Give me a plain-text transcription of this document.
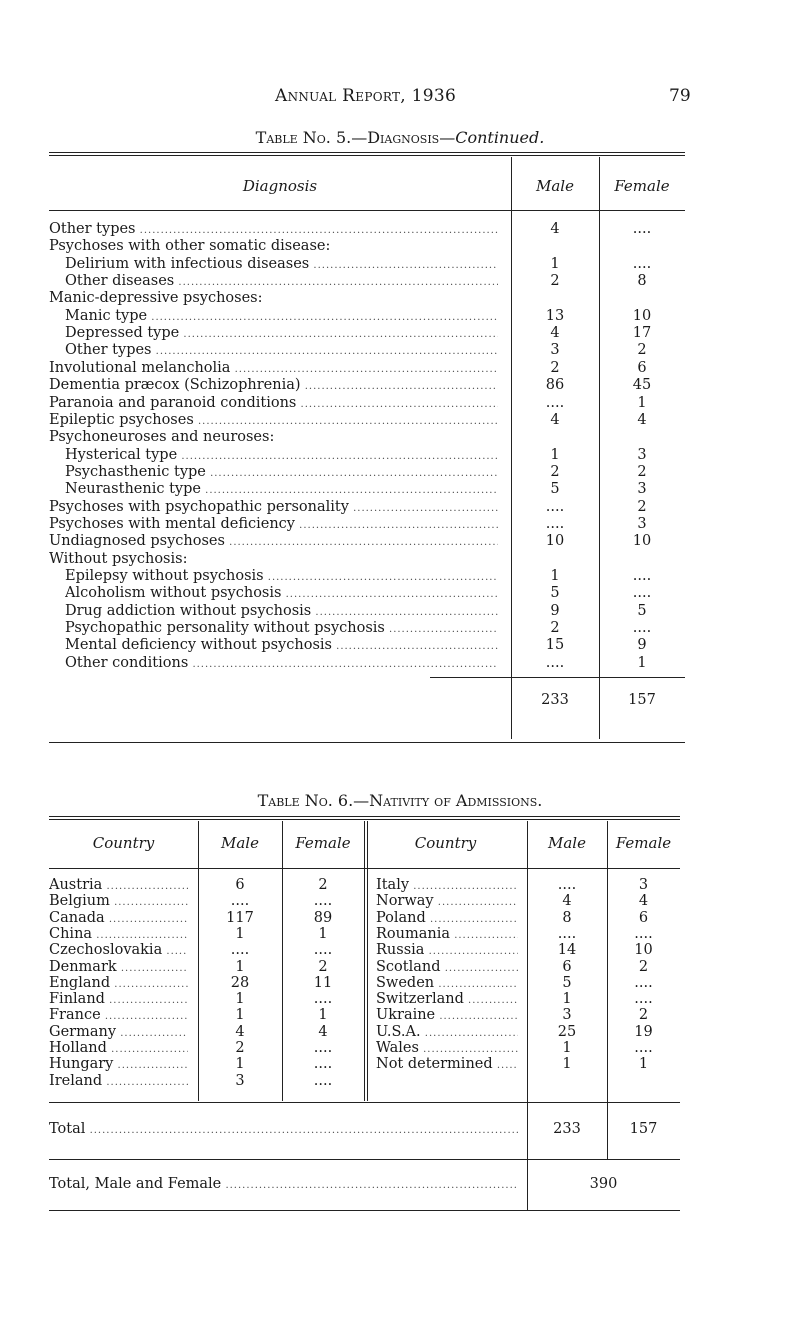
Annual Report, 1936	79
Table No. 5.—Diagnosis—Continued.
Diagnosis	Male	Female
Other types .....	4	....
Psychoses with other somatic disease:
Delirium with infectious diseases .....	1	....
Other diseases .....	2	8
Manic-depressive psychoses:
Manic type .....	13	10
Depressed type .....	4	17
Other types .....	3	2
Involutional melancholia .....	2	6
Dementia præcox (Schizophrenia) .....	86	45
Paranoia and paranoid conditions .....	....	1
Epileptic psychoses .....	4	4
Psychoneuroses and neuroses:
Hysterical type .....	1	3
Psychasthenic type .....	2	2
Neurasthenic type .....	5	3
Psychoses with psychopathic personality .....	....	2
Psychoses with mental deficiency .....	....	3
Undiagnosed psychoses .....	10	10
Without psychosis:
Epilepsy without psychosis .....	1	....
Alcoholism without psychosis .....	5	....
Drug addiction without psychosis .....	9	5
Psychopathic personality without psychosis .....	2	....
Mental deficiency without psychosis .....	15	9
Other conditions .....	....	1
233	157
Table No. 6.—Nativity of Admissions.
Country	Male	Female	Country	Male	Female
Austria .....	6	2
Belgium .....	....	....
Canada .....	117	89
China .....	1	1
Czechoslovakia .....	....	....
Denmark .....	1	2
England .....	28	11
Finland .....	1	....
France .....	1	1
Germany .....	4	4
Holland .....	2	....
Hungary .....	1	....
Ireland .....	3	....
Italy .....	....	3
Norway .....	4	4
Poland .....	8	6
Roumania .....	....	....
Russia .....	14	10
Scotland .....	6	2
Sweden .....	5	....
Switzerland .....	1	....
Ukraine .....	3	2
U.S.A. .....	25	19
Wales .....	1	....
Not determined .....	1	1
Total .....	233	157
Total, Male and Female .....	390
